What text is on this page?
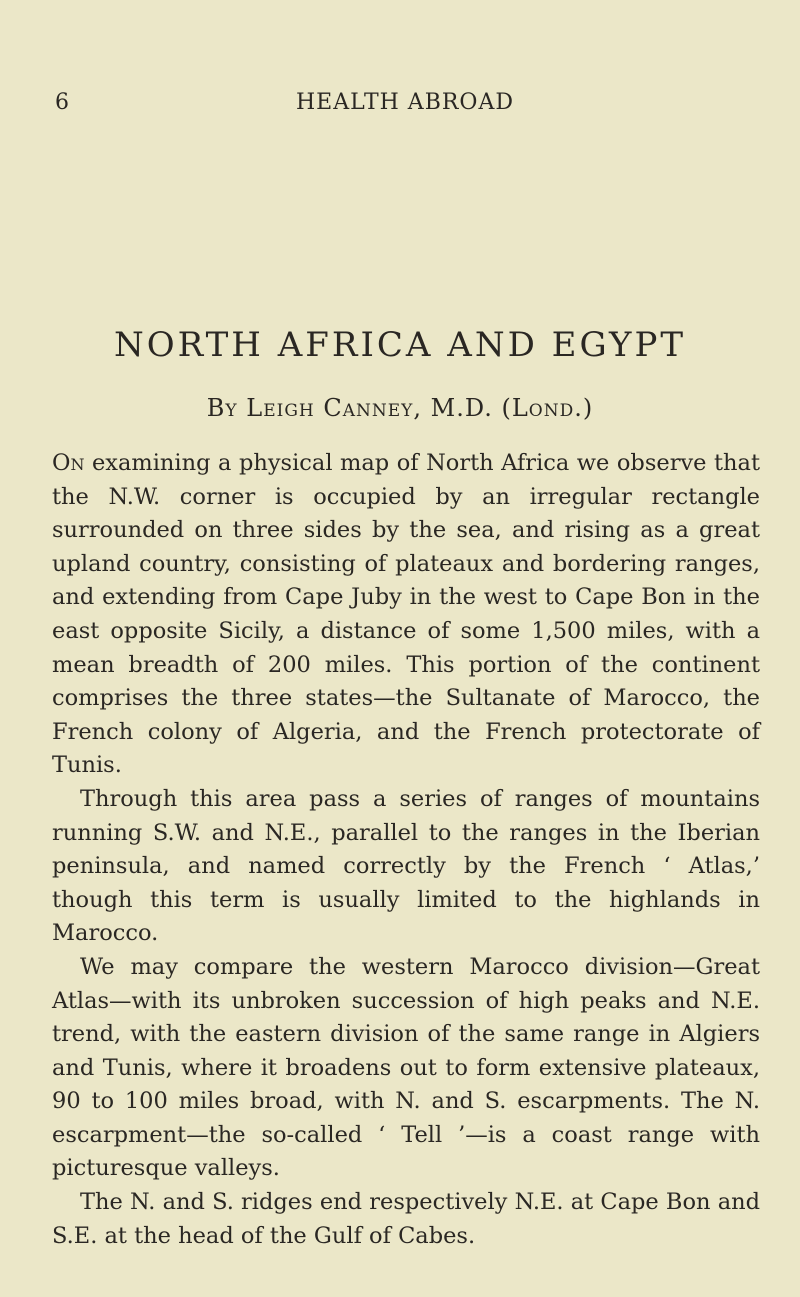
6	HEALTH ABROAD
NORTH AFRICA AND EGYPT
By Leigh Canney, M.D. (Lond.)

On examining a physical map of North Africa we observe that the N.W. corner is occupied by an irregular rectangle surrounded on three sides by the sea, and rising as a great upland country, consisting of plateaux and bordering ranges, and extending from Cape Juby in the west to Cape Bon in the east opposite Sicily, a distance of some 1,500 miles, with a mean breadth of 200 miles. This portion of the continent comprises the three states—the Sultanate of Marocco, the French colony of Algeria, and the French protectorate of Tunis.

Through this area pass a series of ranges of mountains running S.W. and N.E., parallel to the ranges in the Iberian peninsula, and named correctly by the French ‘ Atlas,’ though this term is usually limited to the highlands in Marocco.

We may compare the western Marocco division—Great Atlas—with its unbroken succession of high peaks and N.E. trend, with the eastern division of the same range in Algiers and Tunis, where it broadens out to form extensive plateaux, 90 to 100 miles broad, with N. and S. escarpments. The N. escarpment—the so-called ‘ Tell ’—is a coast range with picturesque valleys.

The N. and S. ridges end respectively N.E. at Cape Bon and S.E. at the head of the Gulf of Cabes.
